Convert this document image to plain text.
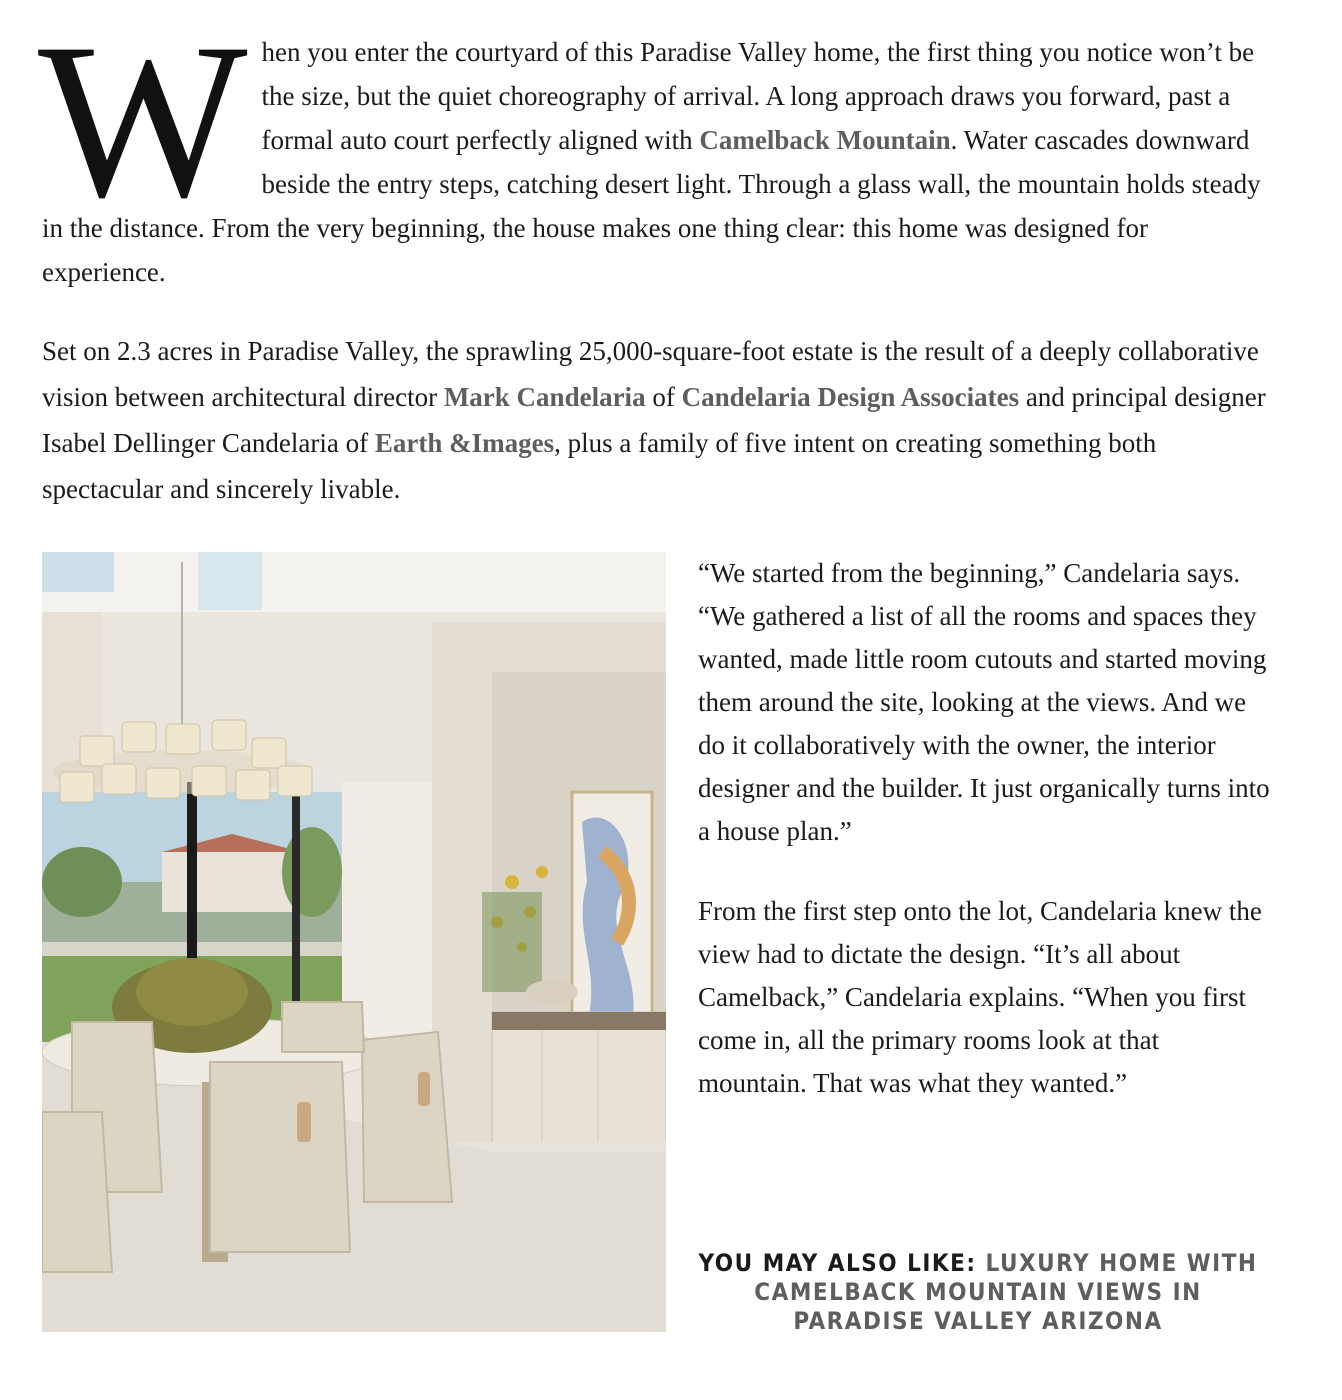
When you enter the courtyard of this Paradise Valley home, the first thing you notice won’t be the size, but the quiet choreography of arrival. A long approach draws you forward, past a formal auto court perfectly aligned with Camelback Mountain. Water cascades downward beside the entry steps, catching desert light. Through a glass wall, the mountain holds steady in the distance. From the very beginning, the house makes one thing clear: this home was designed for experience.

Set on 2.3 acres in Paradise Valley, the sprawling 25,000-square-foot estate is the result of a deeply collaborative vision between architectural director Mark Candelaria of Candelaria Design Associates and principal designer Isabel Dellinger Candelaria of Earth &Images, plus a family of five intent on creating something both spectacular and sincerely livable.

“We started from the beginning,” Candelaria says. “We gathered a list of all the rooms and spaces they wanted, made little room cutouts and started moving them around the site, looking at the views. And we do it collaboratively with the owner, the interior designer and the builder. It just organically turns into a house plan.”

From the first step onto the lot, Candelaria knew the view had to dictate the design. “It’s all about Camelback,” Candelaria explains. “When you first come in, all the primary rooms look at that mountain. That was what they wanted.”

YOU MAY ALSO LIKE: LUXURY HOME WITH CAMELBACK MOUNTAIN VIEWS IN PARADISE VALLEY ARIZONA
